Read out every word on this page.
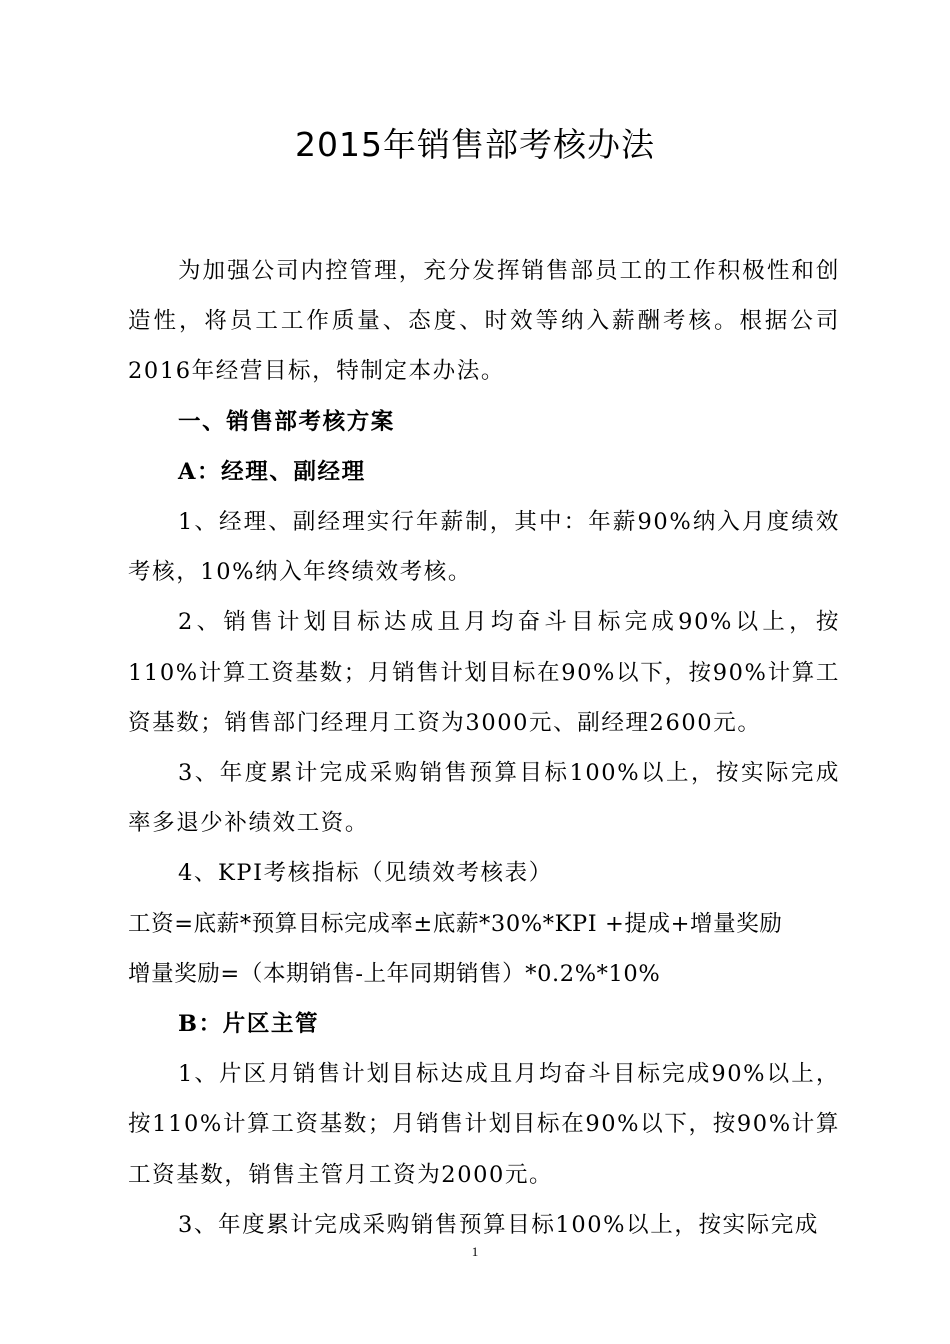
2015年销售部考核办法

为加强公司内控管理，充分发挥销售部员工的工作积极性和创造性，将员工工作质量、态度、时效等纳入薪酬考核。根据公司2016年经营目标，特制定本办法。

一、销售部考核方案

A：经理、副经理

1、经理、副经理实行年薪制，其中：年薪90%纳入月度绩效考核，10%纳入年终绩效考核。

2、销售计划目标达成且月均奋斗目标完成90%以上，按110%计算工资基数；月销售计划目标在90%以下，按90%计算工资基数；销售部门经理月工资为3000元、副经理2600元。

3、年度累计完成采购销售预算目标100%以上，按实际完成率多退少补绩效工资。

4、KPI考核指标（见绩效考核表）

工资=底薪*预算目标完成率±底薪*30%*KPI +提成+增量奖励

增量奖励=（本期销售-上年同期销售）*0.2%*10%

B：片区主管

1、片区月销售计划目标达成且月均奋斗目标完成90%以上，按110%计算工资基数；月销售计划目标在90%以下，按90%计算工资基数，销售主管月工资为2000元。

3、年度累计完成采购销售预算目标100%以上，按实际完成

1
